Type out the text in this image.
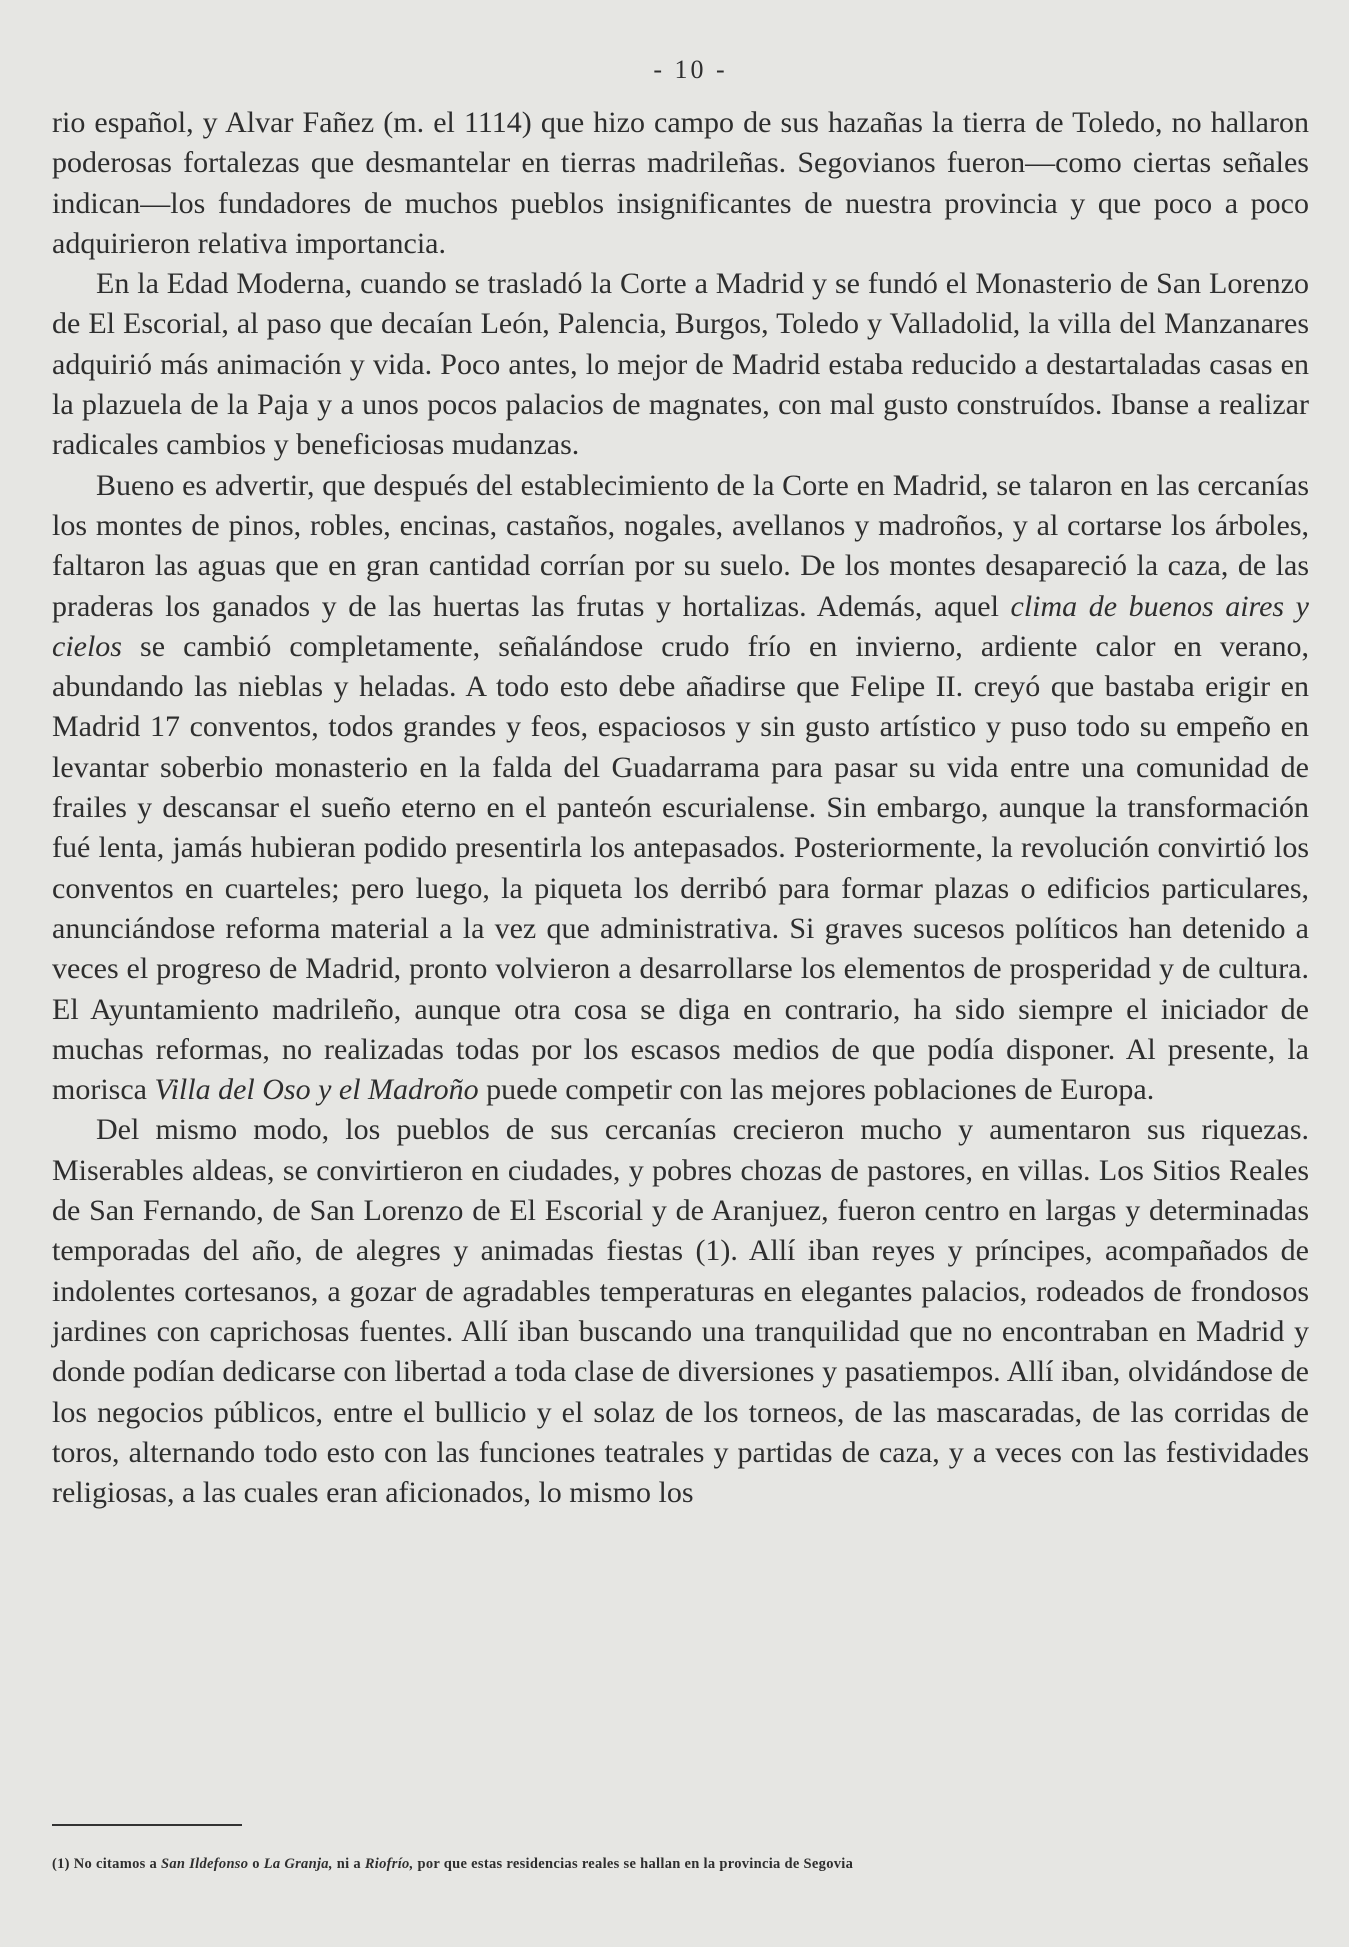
- 10 -

rio español, y Alvar Fañez (m. el 1114) que hizo campo de sus hazañas la tierra de Toledo, no hallaron poderosas fortalezas que desmantelar en tierras madrileñas. Segovianos fueron—como ciertas señales indican—los fundadores de muchos pueblos insignificantes de nuestra provincia y que poco a poco adquirieron relativa importancia.

En la Edad Moderna, cuando se trasladó la Corte a Madrid y se fundó el Monasterio de San Lorenzo de El Escorial, al paso que decaían León, Palencia, Burgos, Toledo y Valladolid, la villa del Manzanares adquirió más animación y vida. Poco antes, lo mejor de Madrid estaba reducido a destartaladas casas en la plazuela de la Paja y a unos pocos palacios de magnates, con mal gusto construídos. Ibanse a realizar radicales cambios y beneficiosas mudanzas.

Bueno es advertir, que después del establecimiento de la Corte en Madrid, se talaron en las cercanías los montes de pinos, robles, encinas, castaños, nogales, avellanos y madroños, y al cortarse los árboles, faltaron las aguas que en gran cantidad corrían por su suelo. De los montes desapareció la caza, de las praderas los ganados y de las huertas las frutas y hortalizas. Además, aquel clima de buenos aires y cielos se cambió completamente, señalándose crudo frío en invierno, ardiente calor en verano, abundando las nieblas y heladas. A todo esto debe añadirse que Felipe II. creyó que bastaba erigir en Madrid 17 conventos, todos grandes y feos, espaciosos y sin gusto artístico y puso todo su empeño en levantar soberbio monasterio en la falda del Guadarrama para pasar su vida entre una comunidad de frailes y descansar el sueño eterno en el panteón escurialense. Sin embargo, aunque la transformación fué lenta, jamás hubieran podido presentirla los antepasados. Posteriormente, la revolución convirtió los conventos en cuarteles; pero luego, la piqueta los derribó para formar plazas o edificios particulares, anunciándose reforma material a la vez que administrativa. Si graves sucesos políticos han detenido a veces el progreso de Madrid, pronto volvieron a desarrollarse los elementos de prosperidad y de cultura. El Ayuntamiento madrileño, aunque otra cosa se diga en contrario, ha sido siempre el iniciador de muchas reformas, no realizadas todas por los escasos medios de que podía disponer. Al presente, la morisca Villa del Oso y el Madroño puede competir con las mejores poblaciones de Europa.

Del mismo modo, los pueblos de sus cercanías crecieron mucho y aumentaron sus riquezas. Miserables aldeas, se convirtieron en ciudades, y pobres chozas de pastores, en villas. Los Sitios Reales de San Fernando, de San Lorenzo de El Escorial y de Aranjuez, fueron centro en largas y determinadas temporadas del año, de alegres y animadas fiestas (1). Allí iban reyes y príncipes, acompañados de indolentes cortesanos, a gozar de agradables temperaturas en elegantes palacios, rodeados de frondosos jardines con caprichosas fuentes. Allí iban buscando una tranquilidad que no encontraban en Madrid y donde podían dedicarse con libertad a toda clase de diversiones y pasatiempos. Allí iban, olvidándose de los negocios públicos, entre el bullicio y el solaz de los torneos, de las mascaradas, de las corridas de toros, alternando todo esto con las funciones teatrales y partidas de caza, y a veces con las festividades religiosas, a las cuales eran aficionados, lo mismo los

(1) No citamos a San Ildefonso o La Granja, ni a Riofrío, por que estas residencias reales se hallan en la provincia de Segovia
